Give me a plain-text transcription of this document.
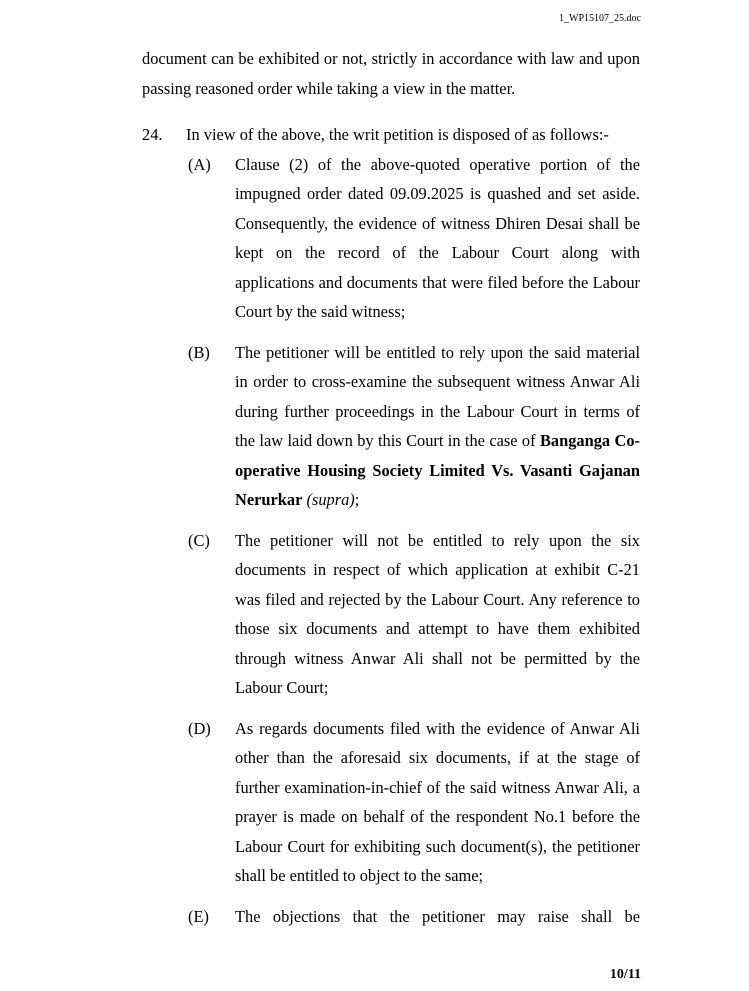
1_WP15107_25.doc

document can be exhibited or not, strictly in accordance with law and upon passing reasoned order while taking a view in the matter.

24.	In view of the above, the writ petition is disposed of as follows:-
(A)	Clause (2) of the above-quoted operative portion of the impugned order dated 09.09.2025 is quashed and set aside. Consequently, the evidence of witness Dhiren Desai shall be kept on the record of the Labour Court along with applications and documents that were filed before the Labour Court by the said witness;
(B)	The petitioner will be entitled to rely upon the said material in order to cross-examine the subsequent witness Anwar Ali during further proceedings in the Labour Court in terms of the law laid down by this Court in the case of Banganga Co-operative Housing Society Limited Vs. Vasanti Gajanan Nerurkar (supra);
(C)	The petitioner will not be entitled to rely upon the six documents in respect of which application at exhibit C-21 was filed and rejected by the Labour Court. Any reference to those six documents and attempt to have them exhibited through witness Anwar Ali shall not be permitted by the Labour Court;
(D)	As regards documents filed with the evidence of Anwar Ali other than the aforesaid six documents, if at the stage of further examination-in-chief of the said witness Anwar Ali, a prayer is made on behalf of the respondent No.1 before the Labour Court for exhibiting such document(s), the petitioner shall be entitled to object to the same;
(E)	The objections that the petitioner may raise shall be
10/11
